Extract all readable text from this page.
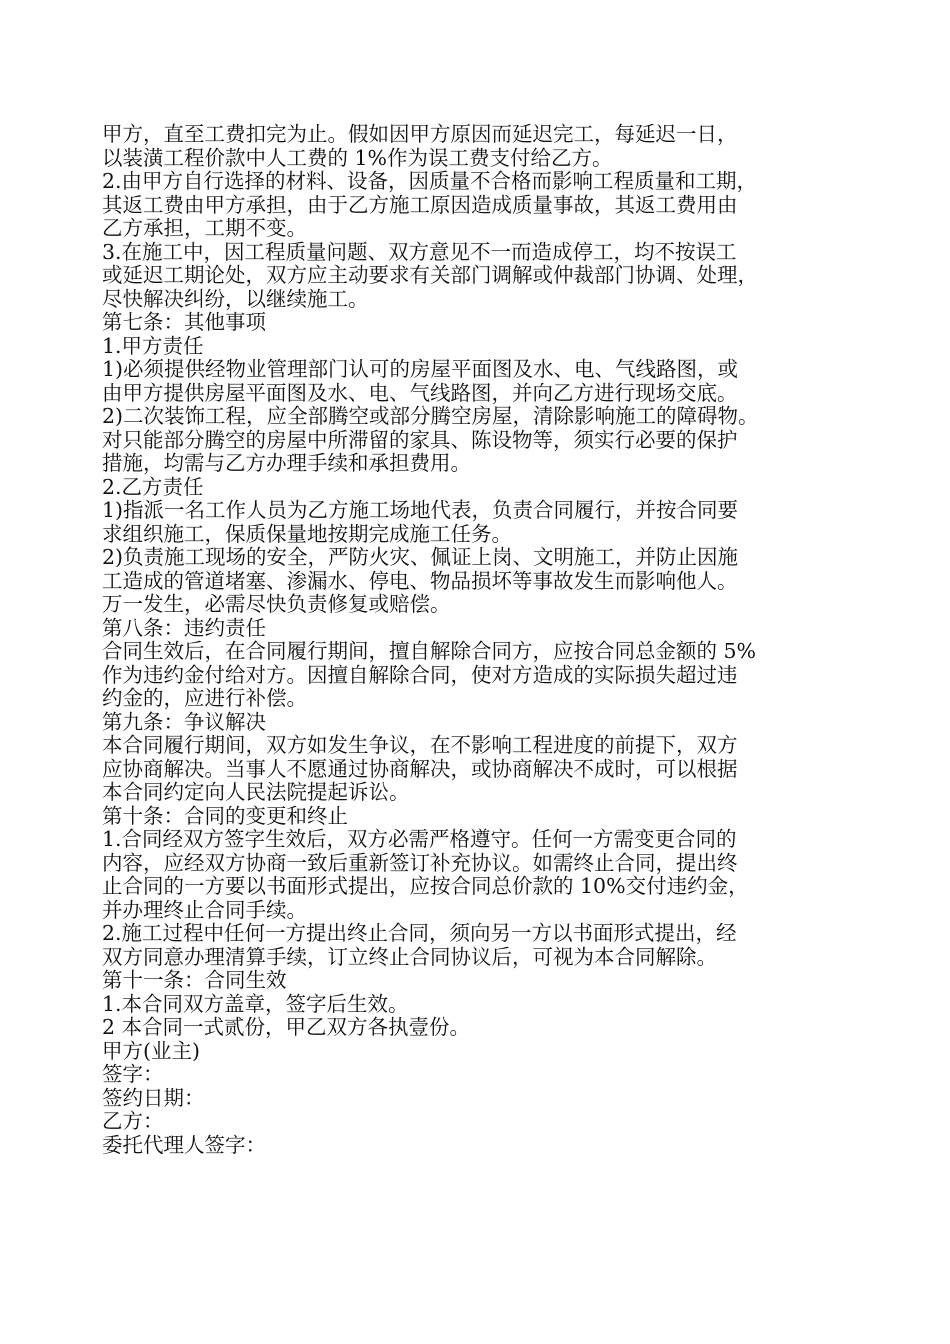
甲方，直至工费扣完为止。假如因甲方原因而延迟完工，每延迟一日，
以装潢工程价款中人工费的 1%作为误工费支付给乙方。
2.由甲方自行选择的材料、设备，因质量不合格而影响工程质量和工期，
其返工费由甲方承担，由于乙方施工原因造成质量事故，其返工费用由
乙方承担，工期不变。
3.在施工中，因工程质量问题、双方意见不一而造成停工，均不按误工
或延迟工期论处，双方应主动要求有关部门调解或仲裁部门协调、处理，
尽快解决纠纷，以继续施工。
第七条：其他事项
1.甲方责任
1)必须提供经物业管理部门认可的房屋平面图及水、电、气线路图，或
由甲方提供房屋平面图及水、电、气线路图，并向乙方进行现场交底。
2)二次装饰工程，应全部腾空或部分腾空房屋，清除影响施工的障碍物。
对只能部分腾空的房屋中所滞留的家具、陈设物等，须实行必要的保护
措施，均需与乙方办理手续和承担费用。
2.乙方责任
1)指派一名工作人员为乙方施工场地代表，负责合同履行，并按合同要
求组织施工，保质保量地按期完成施工任务。
2)负责施工现场的安全，严防火灾、佩证上岗、文明施工，并防止因施
工造成的管道堵塞、渗漏水、停电、物品损坏等事故发生而影响他人。
万一发生，必需尽快负责修复或赔偿。
第八条：违约责任
合同生效后，在合同履行期间，擅自解除合同方，应按合同总金额的 5%
作为违约金付给对方。因擅自解除合同，使对方造成的实际损失超过违
约金的，应进行补偿。
第九条：争议解决
本合同履行期间，双方如发生争议，在不影响工程进度的前提下，双方
应协商解决。当事人不愿通过协商解决，或协商解决不成时，可以根据
本合同约定向人民法院提起诉讼。
第十条：合同的变更和终止
1.合同经双方签字生效后，双方必需严格遵守。任何一方需变更合同的
内容，应经双方协商一致后重新签订补充协议。如需终止合同，提出终
止合同的一方要以书面形式提出，应按合同总价款的 10%交付违约金，
并办理终止合同手续。
2.施工过程中任何一方提出终止合同，须向另一方以书面形式提出，经
双方同意办理清算手续，订立终止合同协议后，可视为本合同解除。
第十一条：合同生效
1.本合同双方盖章，签字后生效。
2 本合同一式贰份，甲乙双方各执壹份。
甲方(业主)
签字：
签约日期：
乙方：
委托代理人签字：
